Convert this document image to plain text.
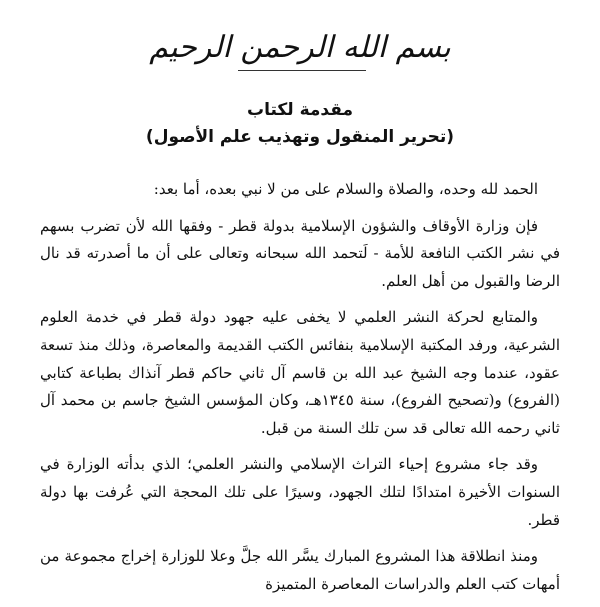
بسم الله الرحمن الرحيم
مقدمة لكتاب
(تحرير المنقول وتهذيب علم الأصول)

الحمد لله وحده، والصلاة والسلام على من لا نبي بعده، أما بعد:

فإن وزارة الأوقاف والشؤون الإسلامية بدولة قطر - وفقها الله لأن تضرب بسهم في نشر الكتب النافعة للأمة - لَتحمد الله سبحانه وتعالى على أن ما أصدرته قد نال الرضا والقبول من أهل العلم.

والمتابع لحركة النشر العلمي لا يخفى عليه جهود دولة قطر في خدمة العلوم الشرعية، ورفد المكتبة الإسلامية بنفائس الكتب القديمة والمعاصرة، وذلك منذ تسعة عقود، عندما وجه الشيخ عبد الله بن قاسم آل ثاني حاكم قطر آنذاك بطباعة كتابي (الفروع) و(تصحيح الفروع)، سنة ١٣٤٥هـ، وكان المؤسس الشيخ جاسم بن محمد آل ثاني رحمه الله تعالى قد سن تلك السنة من قبل.

وقد جاء مشروع إحياء التراث الإسلامي والنشر العلمي؛ الذي بدأته الوزارة في السنوات الأخيرة امتدادًا لتلك الجهود، وسيرًا على تلك المحجة التي عُرفت بها دولة قطر.

ومنذ انطلاقة هذا المشروع المبارك يسَّر الله جلَّ وعلا للوزارة إخراج مجموعة من أمهات كتب العلم والدراسات المعاصرة المتميزة
